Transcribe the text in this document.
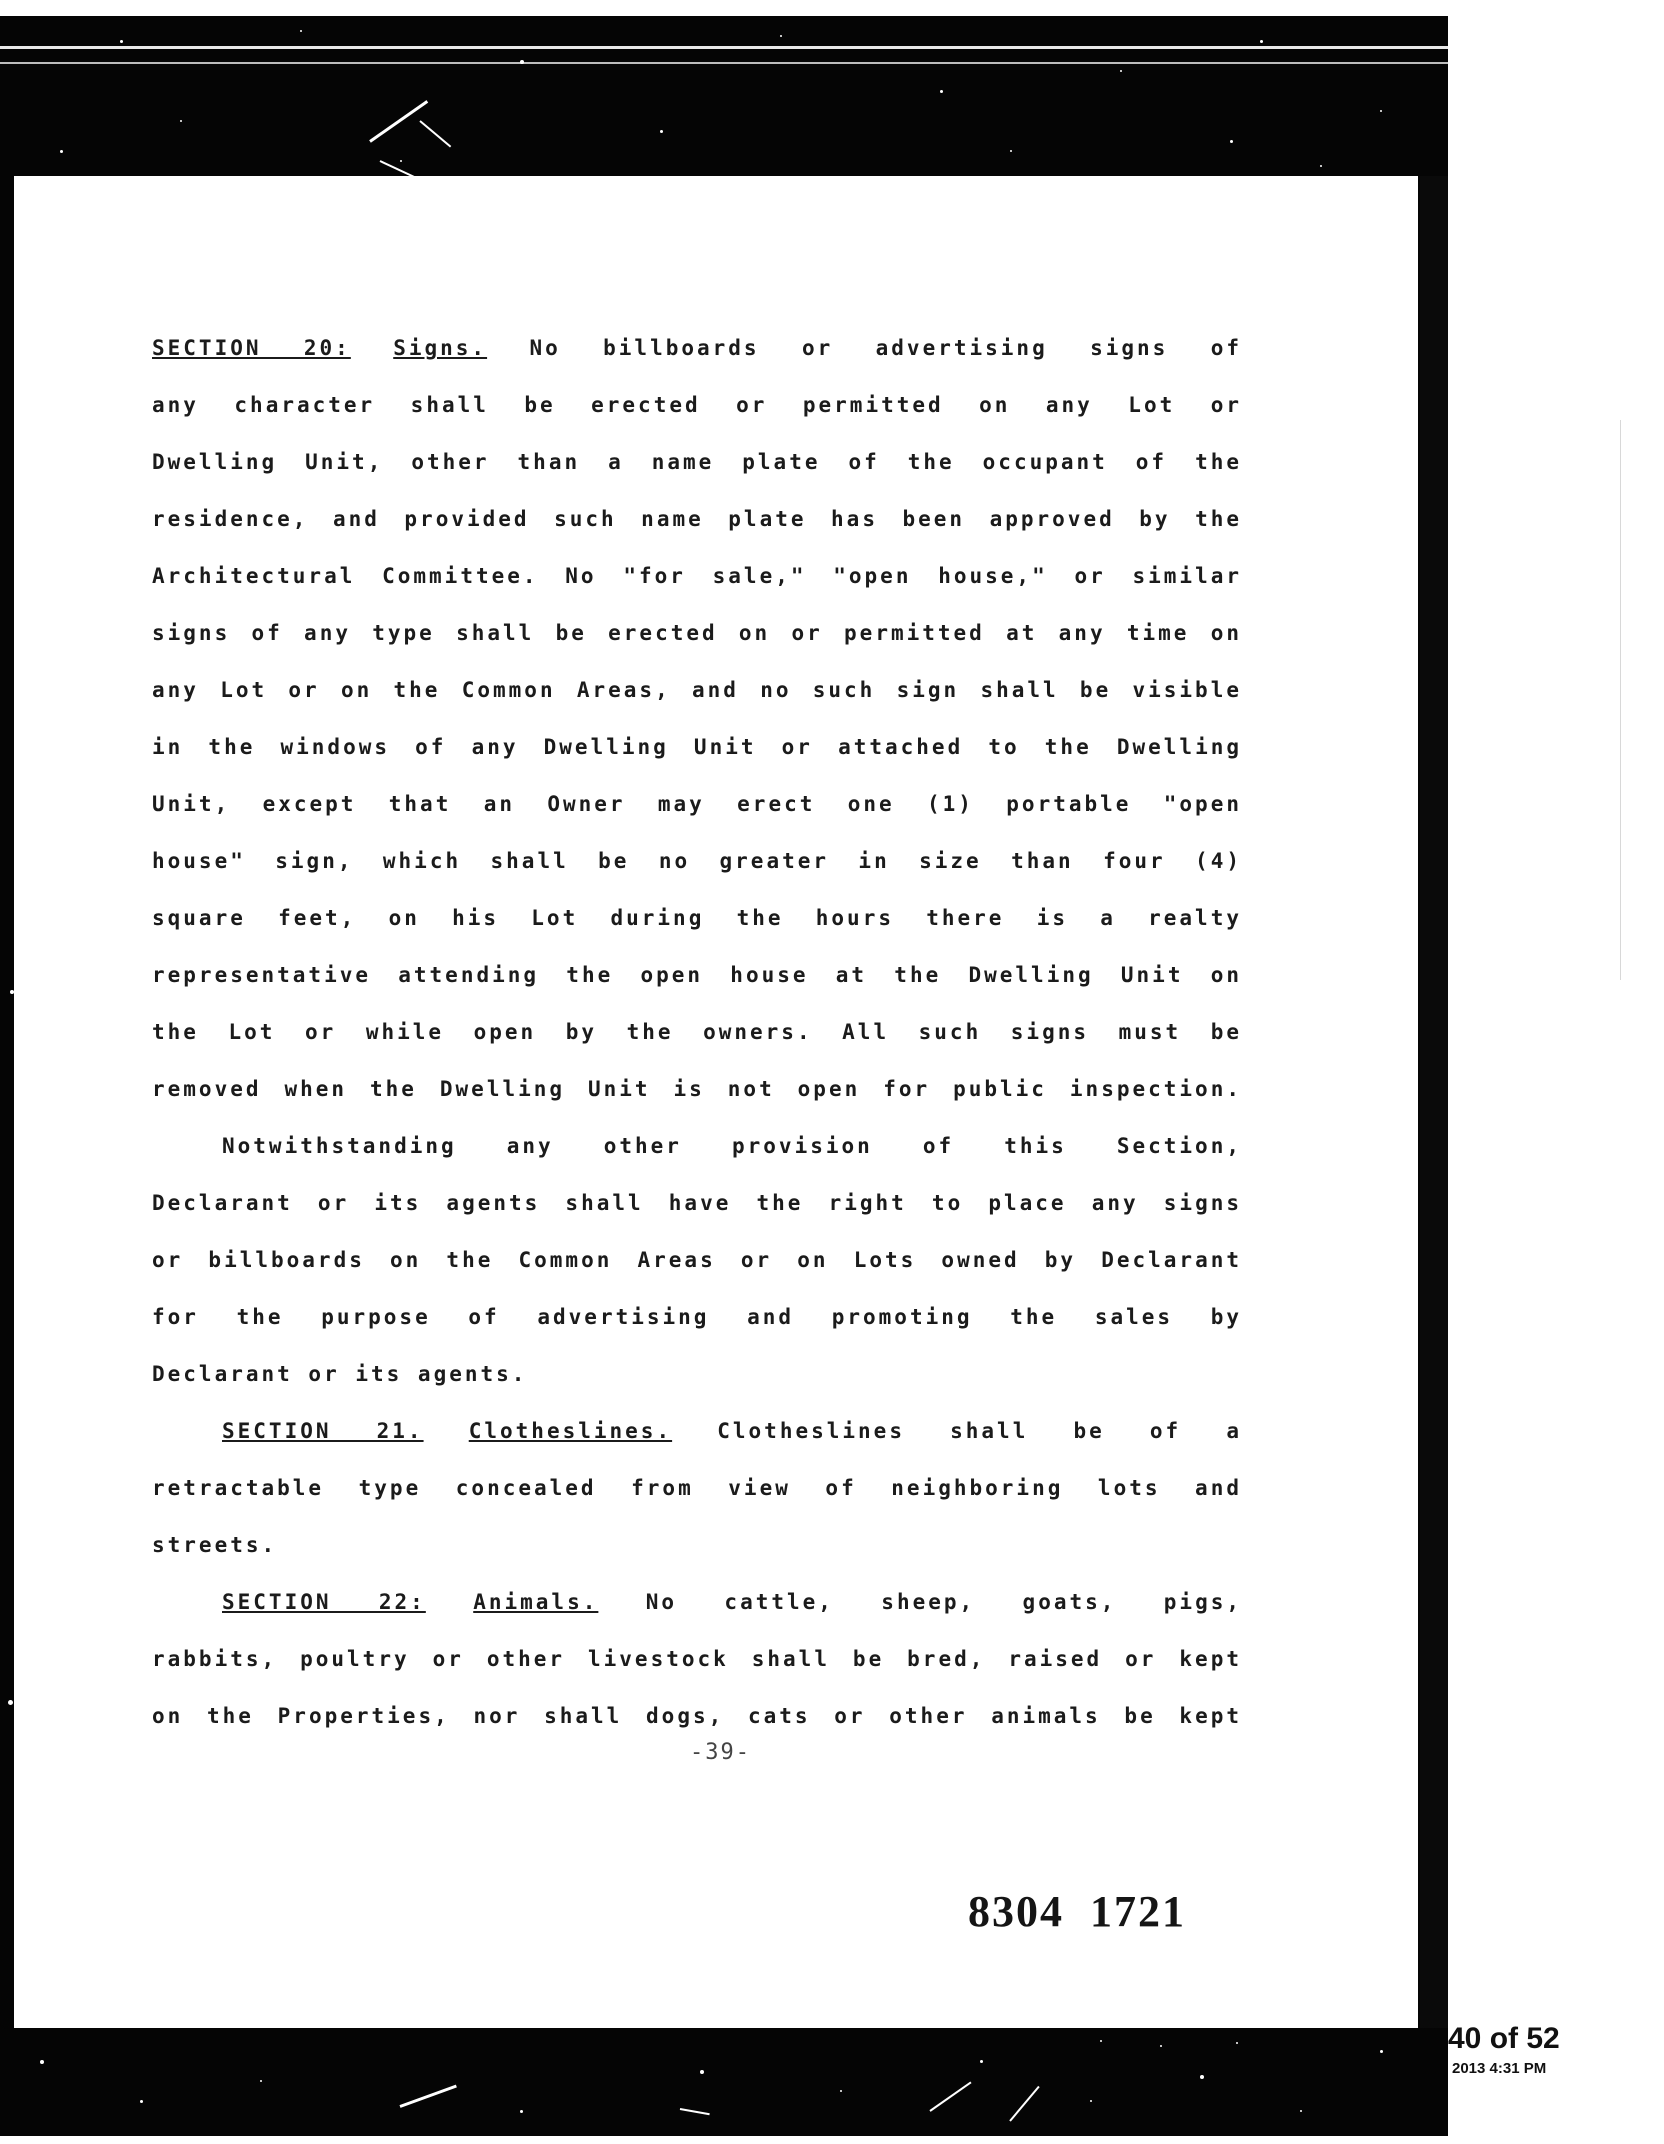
SECTION 20: Signs. No billboards or advertising signs of
any character shall be erected or permitted on any Lot or
Dwelling Unit, other than a name plate of the occupant of the
residence, and provided such name plate has been approved by the
Architectural Committee. No "for sale," "open house," or similar
signs of any type shall be erected on or permitted at any time on
any Lot or on the Common Areas, and no such sign shall be visible
in the windows of any Dwelling Unit or attached to the Dwelling
Unit, except that an Owner may erect one (1) portable "open
house" sign, which shall be no greater in size than four (4)
square feet, on his Lot during the hours there is a realty
representative attending the open house at the Dwelling Unit on
the Lot or while open by the owners. All such signs must be
removed when the Dwelling Unit is not open for public inspection.
Notwithstanding any other provision of this Section,
Declarant or its agents shall have the right to place any signs
or billboards on the Common Areas or on Lots owned by Declarant
for the purpose of advertising and promoting the sales by
Declarant or its agents.
SECTION 21. Clotheslines. Clotheslines shall be of a
retractable type concealed from view of neighboring lots and
streets.
SECTION 22: Animals. No cattle, sheep, goats, pigs,
rabbits, poultry or other livestock shall be bred, raised or kept
on the Properties, nor shall dogs, cats or other animals be kept
-39-
8304  1721
40 of 52
2013 4:31 PM
